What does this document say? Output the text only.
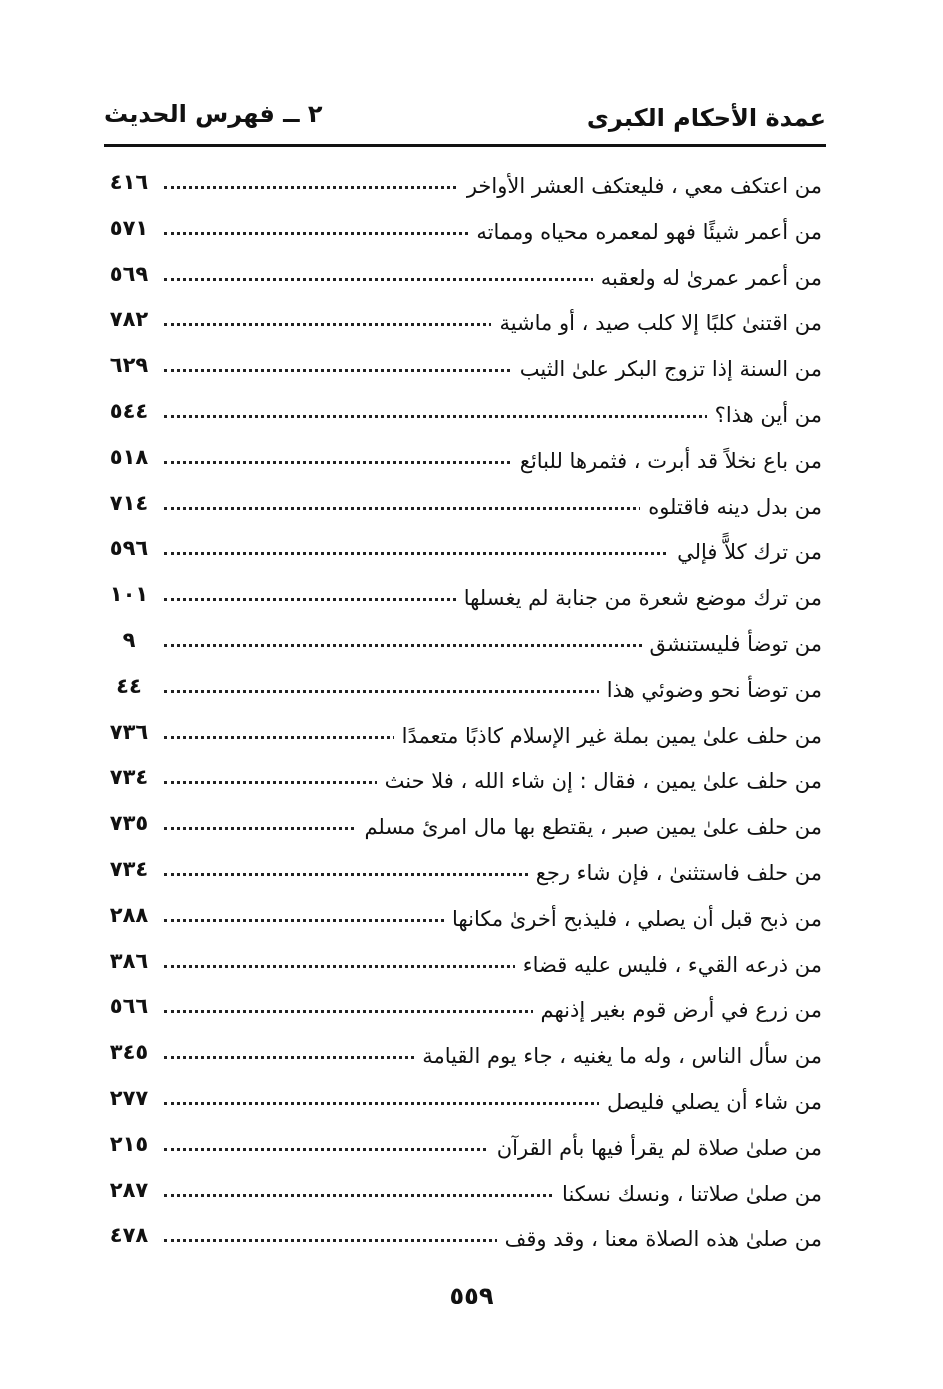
عمدة الأحكام الكبرى
٢ ــ فهرس الحديث
من اعتكف معي ، فليعتكف العشر الأواخر
٤١٦
من أعمر شيئًا فهو لمعمره محياه ومماته
٥٧١
من أعمر عمرىٰ له ولعقبه
٥٦٩
من اقتنىٰ كلبًا إلا كلب صيد ، أو ماشية
٧٨٢
من السنة إذا تزوج البكر علىٰ الثيب
٦٢٩
من أين هذا؟
٥٤٤
من باع نخلاً قد أبرت ، فثمرها للبائع
٥١٨
من بدل دينه فاقتلوه
٧١٤
من ترك كلاًّ فإلي
٥٩٦
من ترك موضع شعرة من جنابة لم يغسلها
١٠١
من توضأ فليستنشق
٩
من توضأ نحو وضوئي هذا
٤٤
من حلف علىٰ يمين بملة غير الإسلام كاذبًا متعمدًا
٧٣٦
من حلف علىٰ يمين ، فقال : إن شاء الله ، فلا حنث
٧٣٤
من حلف علىٰ يمين صبر ، يقتطع بها مال امرئ مسلم
٧٣٥
من حلف فاستثنىٰ ، فإن شاء رجع
٧٣٤
من ذبح قبل أن يصلي ، فليذبح أخرىٰ مكانها
٢٨٨
من ذرعه القيء ، فليس عليه قضاء
٣٨٦
من زرع في أرض قوم بغير إذنهم
٥٦٦
من سأل الناس ، وله ما يغنيه ، جاء يوم القيامة
٣٤٥
من شاء أن يصلي فليصل
٢٧٧
من صلىٰ صلاة لم يقرأ فيها بأم القرآن
٢١٥
من صلىٰ صلاتنا ، ونسك نسكنا
٢٨٧
من صلىٰ هذه الصلاة معنا ، وقد وقف
٤٧٨
٥٥٩
